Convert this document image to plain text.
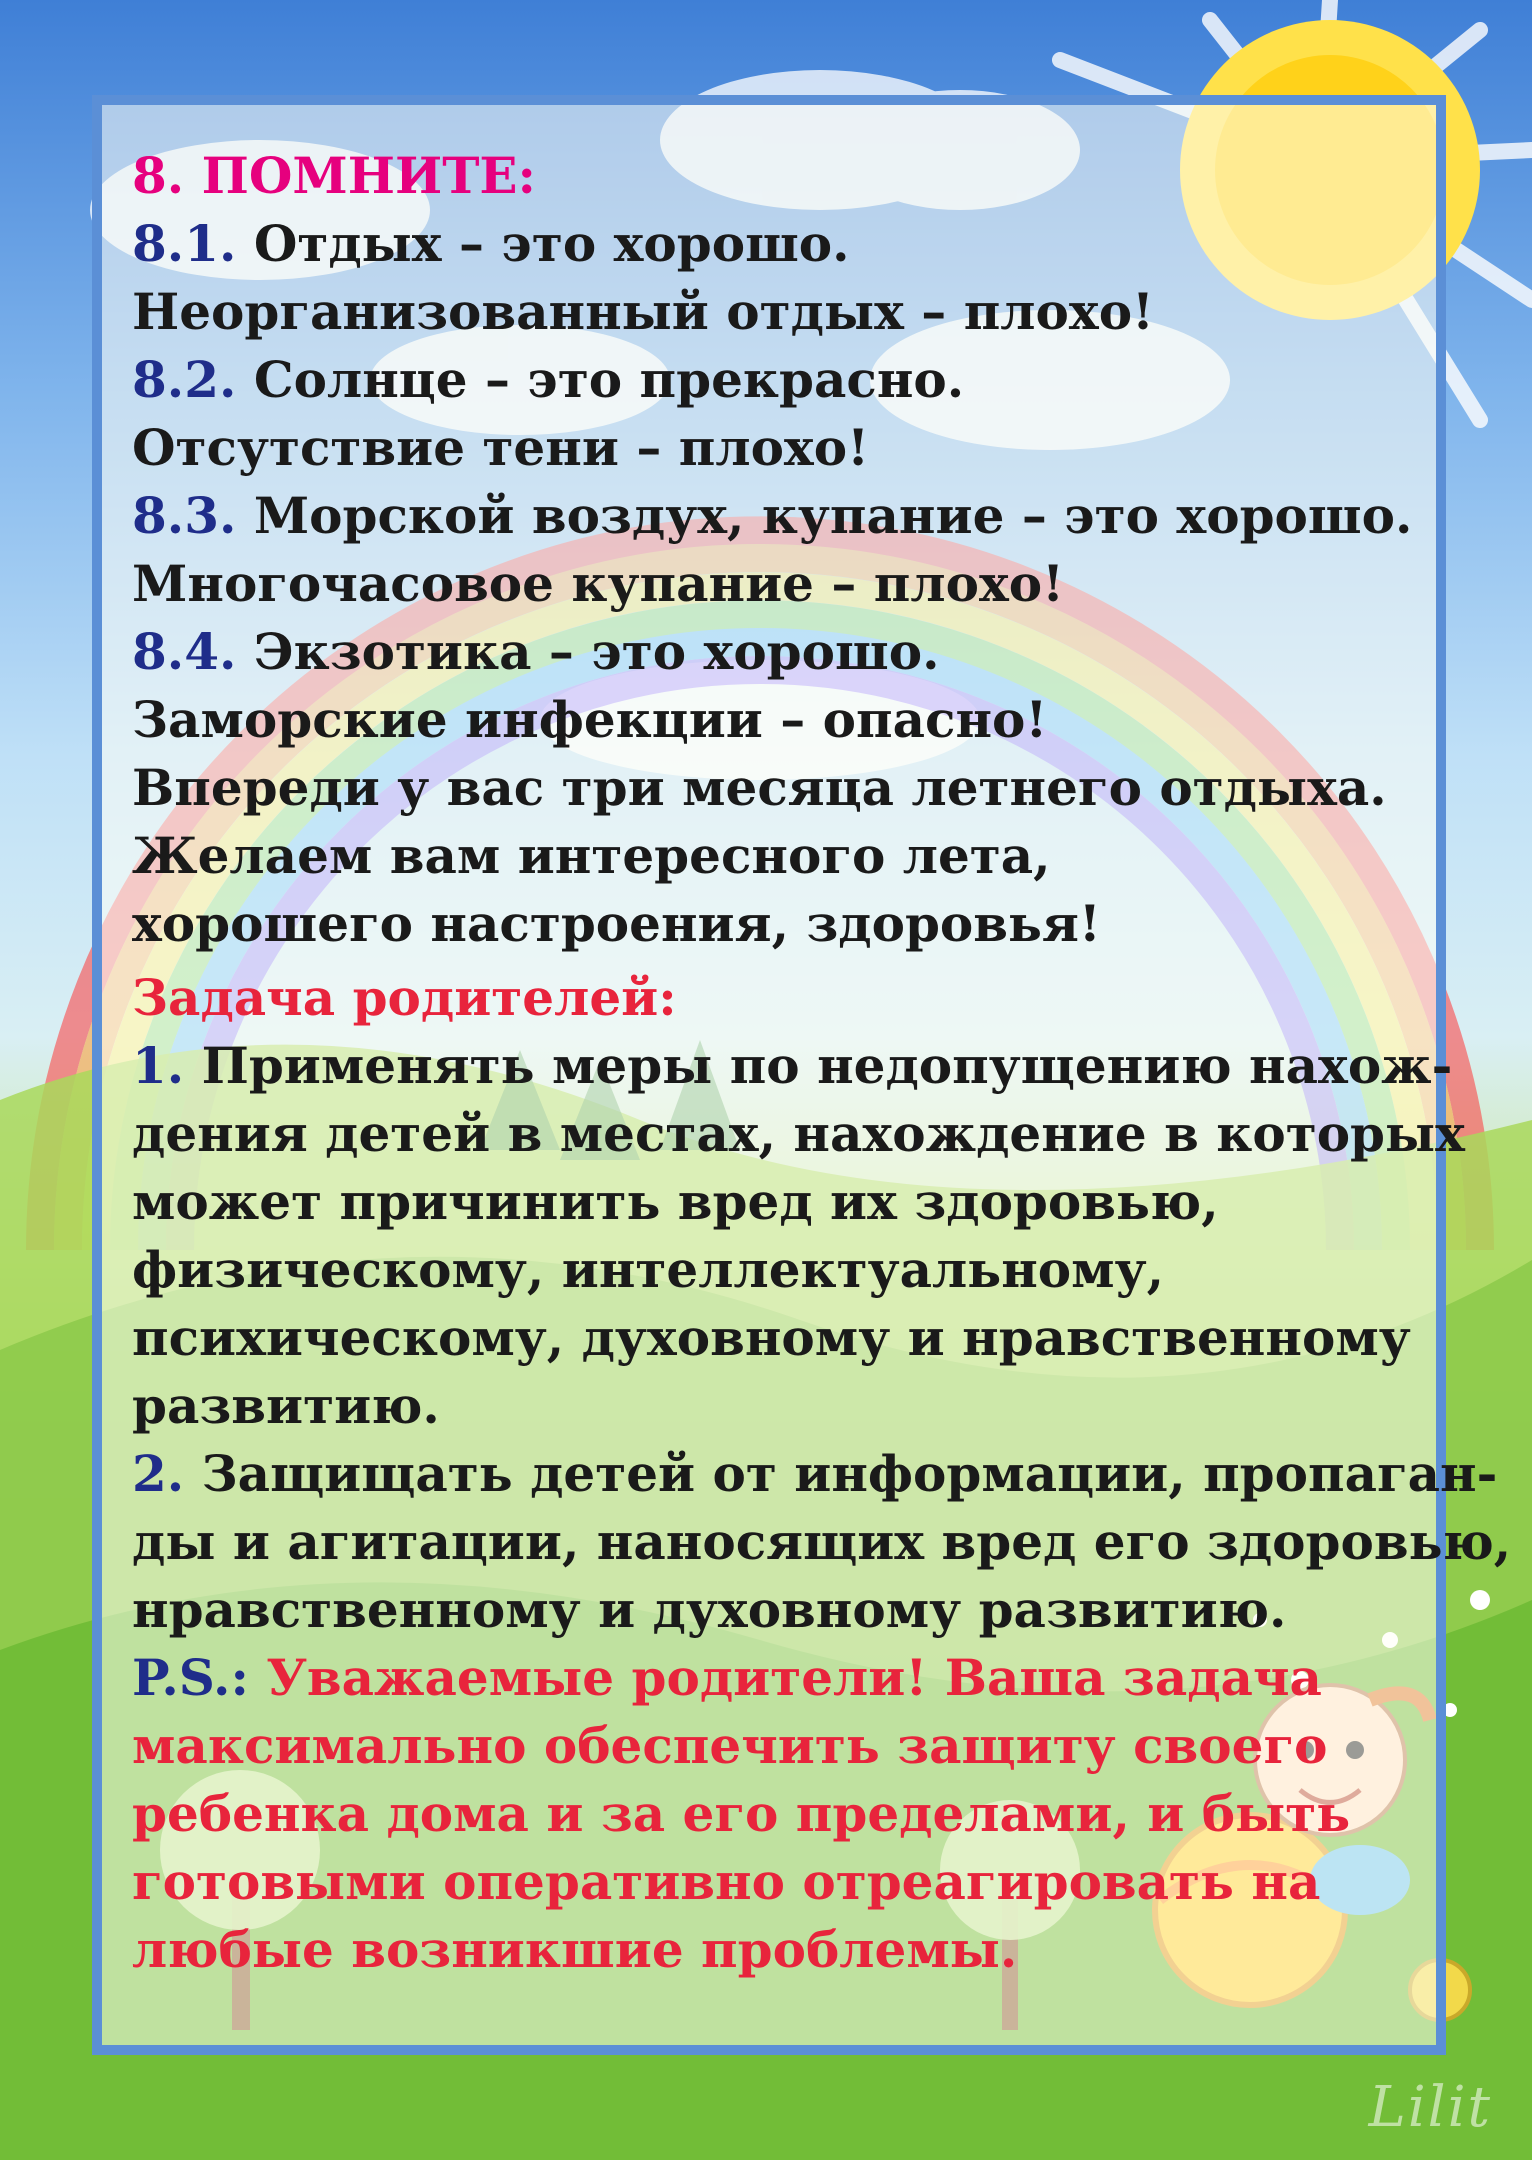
8. ПОМНИТЕ:

8.1. Отдых – это хорошо.

Неорганизованный отдых – плохо!

8.2. Солнце – это прекрасно.

Отсутствие тени – плохо!

8.3. Морской воздух, купание – это хорошо.

Многочасовое купание – плохо!

8.4. Экзотика – это хорошо.

Заморские инфекции – опасно!

Впереди у вас три месяца летнего отдыха.

Желаем вам интересного лета,

хорошего настроения, здоровья!

Задача родителей:

1. Применять меры по недопущению нахож-

дения детей в местах, нахождение в которых

может причинить вред их здоровью,

физическому, интеллектуальному,

психическому, духовному и нравственному

развитию.

2. Защищать детей от информации, пропаган-

ды и агитации, наносящих вред его здоровью,

нравственному и духовному развитию.

P.S.: Уважаемые родители! Ваша задача

максимально обеспечить защиту своего

ребенка дома и за его пределами, и быть

готовыми оперативно отреагировать на

любые возникшие проблемы.

Lilit
